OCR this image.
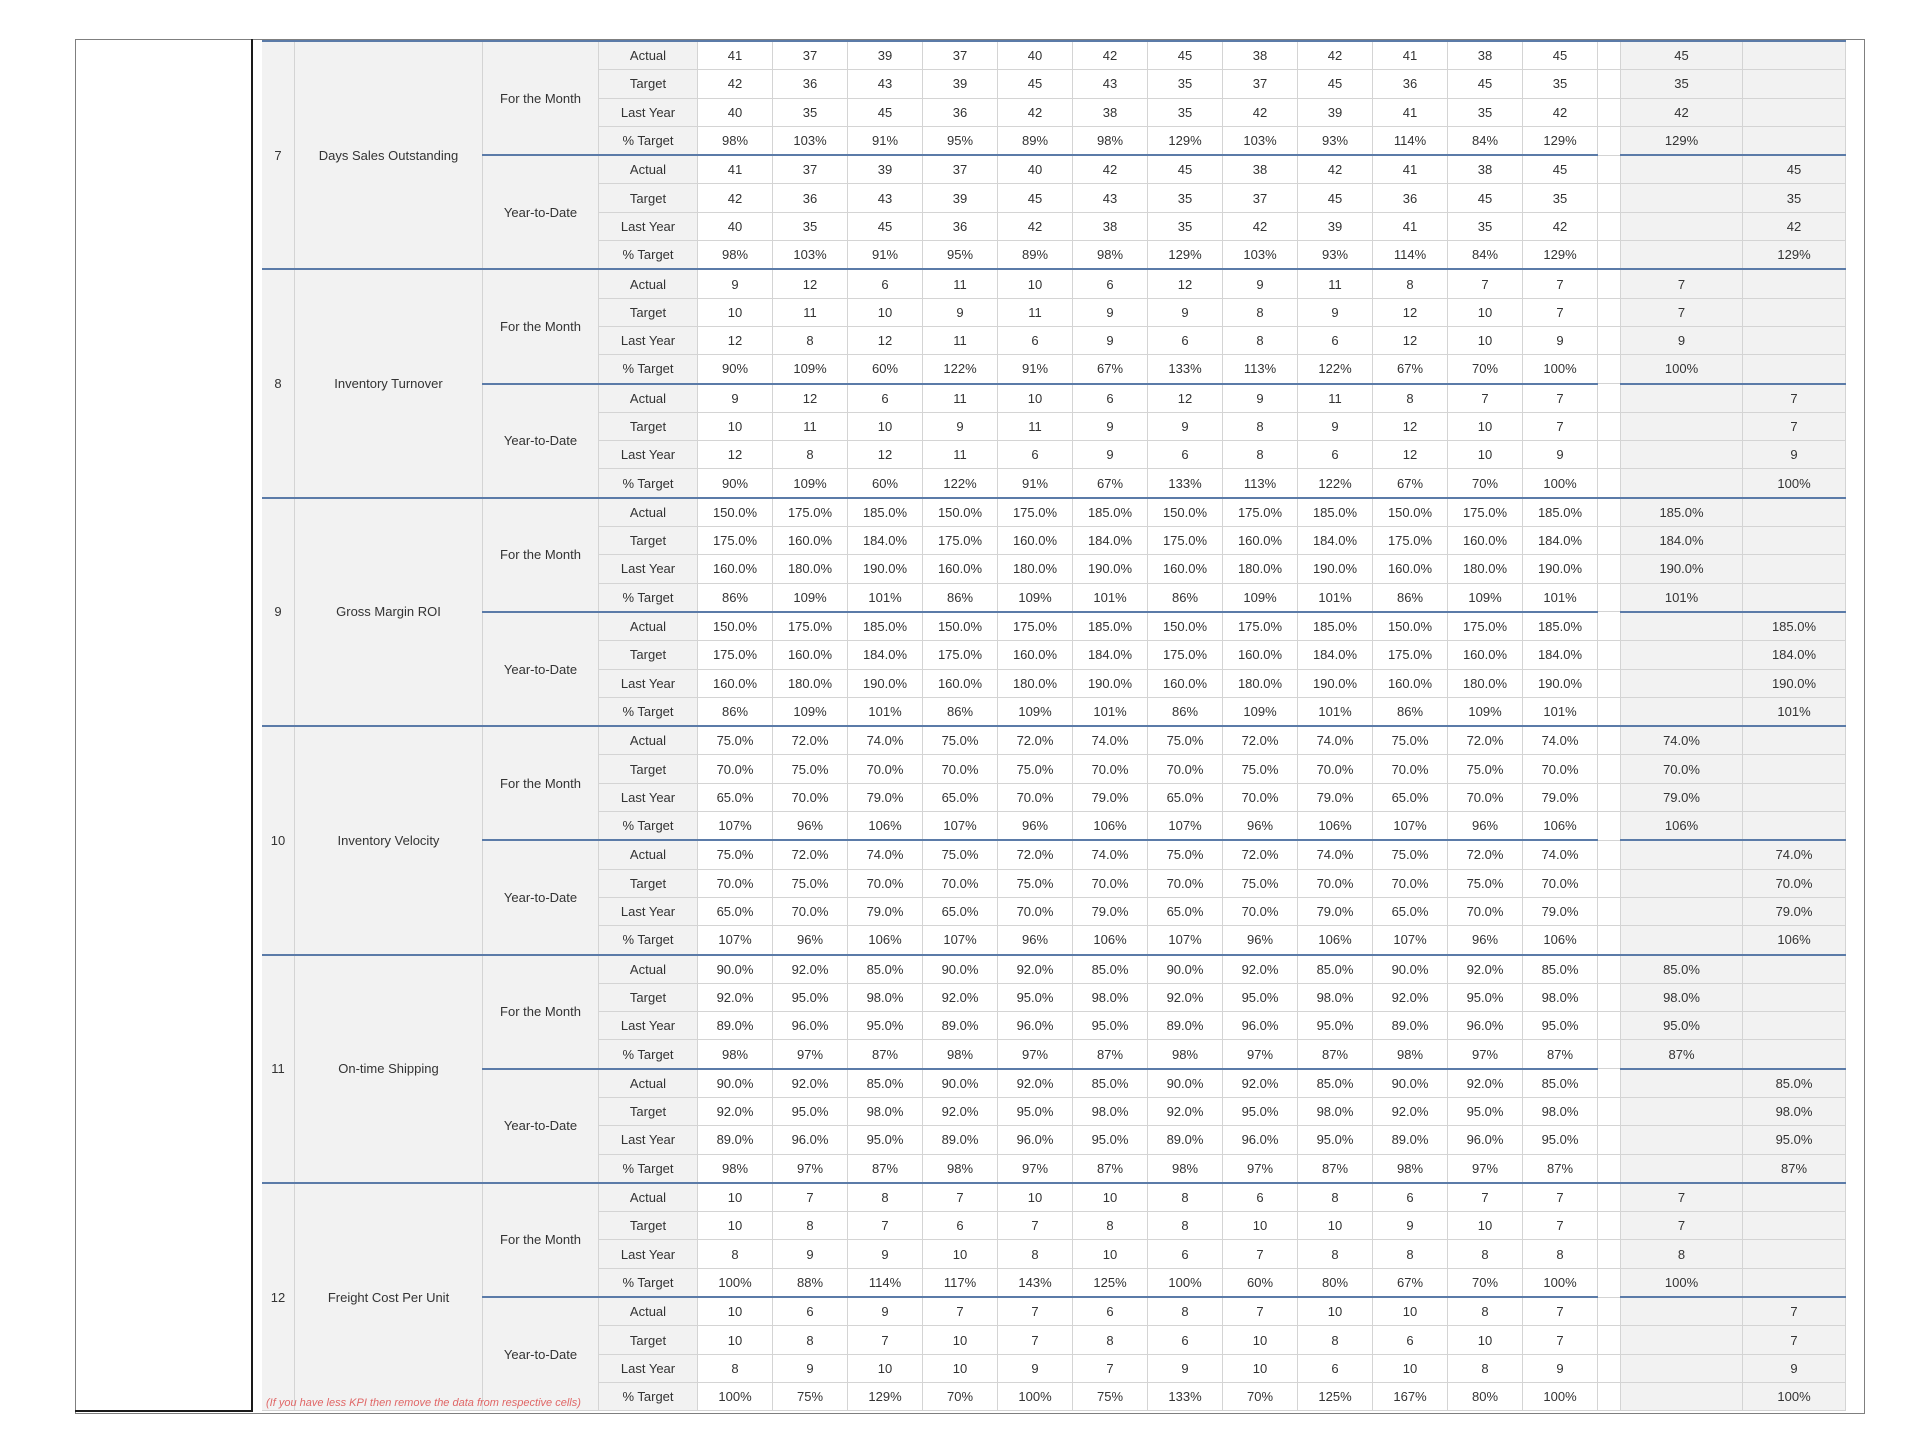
7	Days Sales Outstanding	For the Month	Actual	41	37	39	37	40	42	45	38	42	41	38	45		45	
			Target	42	36	43	39	45	43	35	37	45	36	45	35		35	
			Last Year	40	35	45	36	42	38	35	42	39	41	35	42		42	
			% Target	98%	103%	91%	95%	89%	98%	129%	103%	93%	114%	84%	129%		129%	
		Year-to-Date	Actual	41	37	39	37	40	42	45	38	42	41	38	45			45
			Target	42	36	43	39	45	43	35	37	45	36	45	35			35
			Last Year	40	35	45	36	42	38	35	42	39	41	35	42			42
			% Target	98%	103%	91%	95%	89%	98%	129%	103%	93%	114%	84%	129%			129%
8	Inventory Turnover	For the Month	Actual	9	12	6	11	10	6	12	9	11	8	7	7		7	
			Target	10	11	10	9	11	9	9	8	9	12	10	7		7	
			Last Year	12	8	12	11	6	9	6	8	6	12	10	9		9	
			% Target	90%	109%	60%	122%	91%	67%	133%	113%	122%	67%	70%	100%		100%	
		Year-to-Date	Actual	9	12	6	11	10	6	12	9	11	8	7	7			7
			Target	10	11	10	9	11	9	9	8	9	12	10	7			7
			Last Year	12	8	12	11	6	9	6	8	6	12	10	9			9
			% Target	90%	109%	60%	122%	91%	67%	133%	113%	122%	67%	70%	100%			100%
9	Gross Margin ROI	For the Month	Actual	150.0%	175.0%	185.0%	150.0%	175.0%	185.0%	150.0%	175.0%	185.0%	150.0%	175.0%	185.0%		185.0%	
			Target	175.0%	160.0%	184.0%	175.0%	160.0%	184.0%	175.0%	160.0%	184.0%	175.0%	160.0%	184.0%		184.0%	
			Last Year	160.0%	180.0%	190.0%	160.0%	180.0%	190.0%	160.0%	180.0%	190.0%	160.0%	180.0%	190.0%		190.0%	
			% Target	86%	109%	101%	86%	109%	101%	86%	109%	101%	86%	109%	101%		101%	
		Year-to-Date	Actual	150.0%	175.0%	185.0%	150.0%	175.0%	185.0%	150.0%	175.0%	185.0%	150.0%	175.0%	185.0%			185.0%
			Target	175.0%	160.0%	184.0%	175.0%	160.0%	184.0%	175.0%	160.0%	184.0%	175.0%	160.0%	184.0%			184.0%
			Last Year	160.0%	180.0%	190.0%	160.0%	180.0%	190.0%	160.0%	180.0%	190.0%	160.0%	180.0%	190.0%			190.0%
			% Target	86%	109%	101%	86%	109%	101%	86%	109%	101%	86%	109%	101%			101%
10	Inventory Velocity	For the Month	Actual	75.0%	72.0%	74.0%	75.0%	72.0%	74.0%	75.0%	72.0%	74.0%	75.0%	72.0%	74.0%		74.0%	
			Target	70.0%	75.0%	70.0%	70.0%	75.0%	70.0%	70.0%	75.0%	70.0%	70.0%	75.0%	70.0%		70.0%	
			Last Year	65.0%	70.0%	79.0%	65.0%	70.0%	79.0%	65.0%	70.0%	79.0%	65.0%	70.0%	79.0%		79.0%	
			% Target	107%	96%	106%	107%	96%	106%	107%	96%	106%	107%	96%	106%		106%	
		Year-to-Date	Actual	75.0%	72.0%	74.0%	75.0%	72.0%	74.0%	75.0%	72.0%	74.0%	75.0%	72.0%	74.0%			74.0%
			Target	70.0%	75.0%	70.0%	70.0%	75.0%	70.0%	70.0%	75.0%	70.0%	70.0%	75.0%	70.0%			70.0%
			Last Year	65.0%	70.0%	79.0%	65.0%	70.0%	79.0%	65.0%	70.0%	79.0%	65.0%	70.0%	79.0%			79.0%
			% Target	107%	96%	106%	107%	96%	106%	107%	96%	106%	107%	96%	106%			106%
11	On-time Shipping	For the Month	Actual	90.0%	92.0%	85.0%	90.0%	92.0%	85.0%	90.0%	92.0%	85.0%	90.0%	92.0%	85.0%		85.0%	
			Target	92.0%	95.0%	98.0%	92.0%	95.0%	98.0%	92.0%	95.0%	98.0%	92.0%	95.0%	98.0%		98.0%	
			Last Year	89.0%	96.0%	95.0%	89.0%	96.0%	95.0%	89.0%	96.0%	95.0%	89.0%	96.0%	95.0%		95.0%	
			% Target	98%	97%	87%	98%	97%	87%	98%	97%	87%	98%	97%	87%		87%	
		Year-to-Date	Actual	90.0%	92.0%	85.0%	90.0%	92.0%	85.0%	90.0%	92.0%	85.0%	90.0%	92.0%	85.0%			85.0%
			Target	92.0%	95.0%	98.0%	92.0%	95.0%	98.0%	92.0%	95.0%	98.0%	92.0%	95.0%	98.0%			98.0%
			Last Year	89.0%	96.0%	95.0%	89.0%	96.0%	95.0%	89.0%	96.0%	95.0%	89.0%	96.0%	95.0%			95.0%
			% Target	98%	97%	87%	98%	97%	87%	98%	97%	87%	98%	97%	87%			87%
12	Freight Cost Per Unit	For the Month	Actual	10	7	8	7	10	10	8	6	8	6	7	7		7	
			Target	10	8	7	6	7	8	8	10	10	9	10	7		7	
			Last Year	8	9	9	10	8	10	6	7	8	8	8	8		8	
			% Target	100%	88%	114%	117%	143%	125%	100%	60%	80%	67%	70%	100%		100%	
		Year-to-Date	Actual	10	6	9	7	7	6	8	7	10	10	8	7			7
			Target	10	8	7	10	7	8	6	10	8	6	10	7			7
			Last Year	8	9	10	10	9	7	9	10	6	10	8	9			9
			% Target	100%	75%	129%	70%	100%	75%	133%	70%	125%	167%	80%	100%			100%
(If you have less KPI then remove the data from respective cells)
